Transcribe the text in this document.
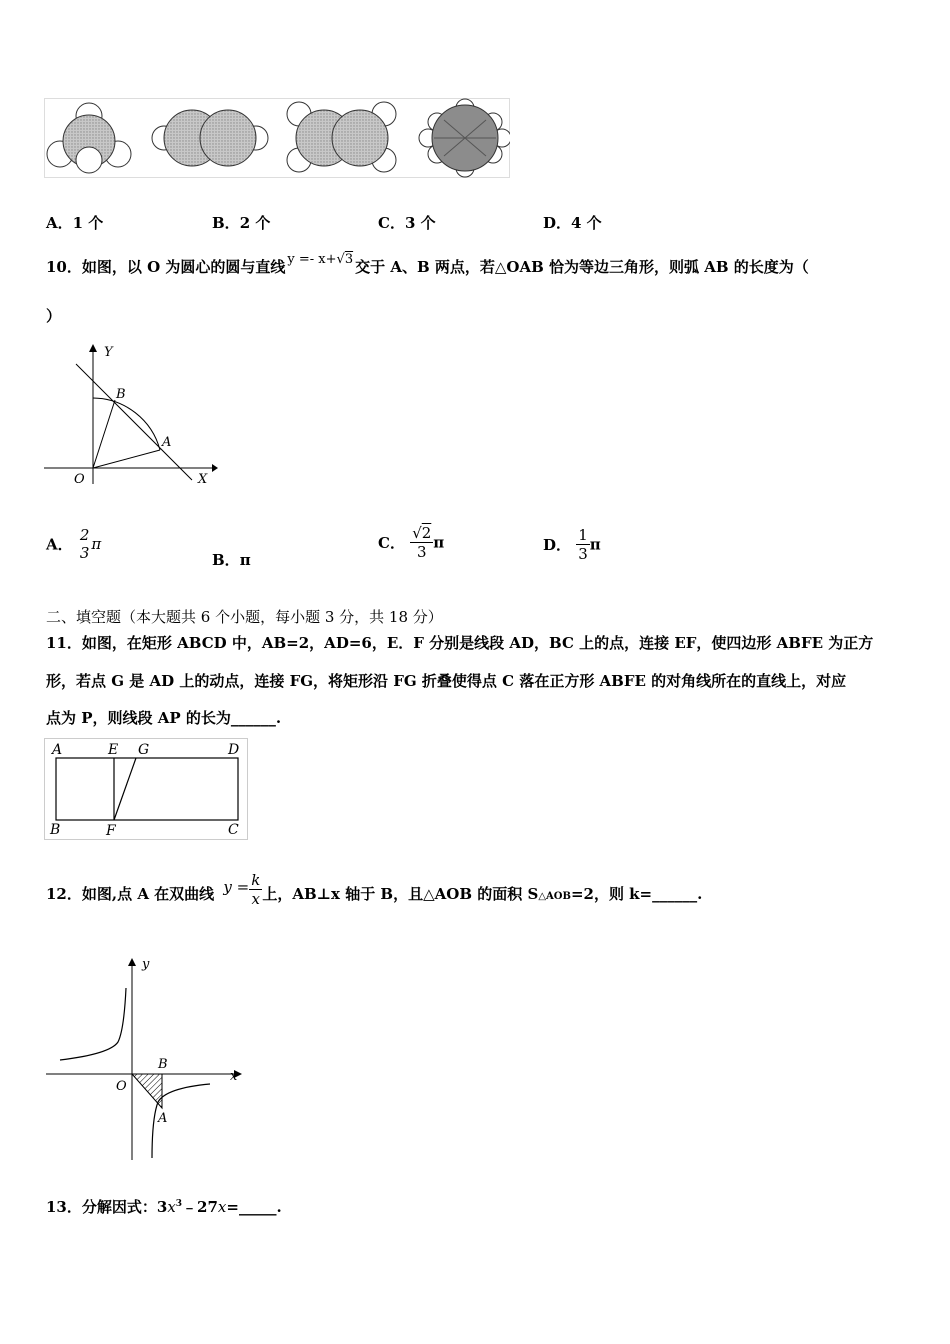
A．1 个	B．2 个	C．3 个	D．4 个
10．如图，以 O 为圆心的圆与直线 y =- x+√3 交于 A、B 两点，若△OAB 恰为等边三角形，则弧 AB 的长度为（
）
Y
X
O
B
A
A．
2
3 π
B．π
C． $\frac{√2}{3}$ π	D． $\frac{1}{3}$ π
二、填空题（本大题共 6 个小题，每小题 3 分，共 18 分）
11．如图，在矩形 ABCD 中，AB=2，AD=6，E．F 分别是线段 AD，BC 上的点，连接 EF，使四边形 ABFE 为正方
形，若点 G 是 AD 上的动点，连接 FG，将矩形沿 FG 折叠使得点 C 落在正方形 ABFE 的对角线所在的直线上，对应
点为 P，则线段 AP 的长为______.
A	E G	D
B	F	C
12．如图,点 A 在双曲线 $y = \frac{k}{x}$ 上，AB⊥x 轴于 B，且△AOB 的面积 S△AOB=2，则 k=______.
y
x
O
B
A
13．分解因式：$3x^3﹣27x=\_\_\_\_\_$.
